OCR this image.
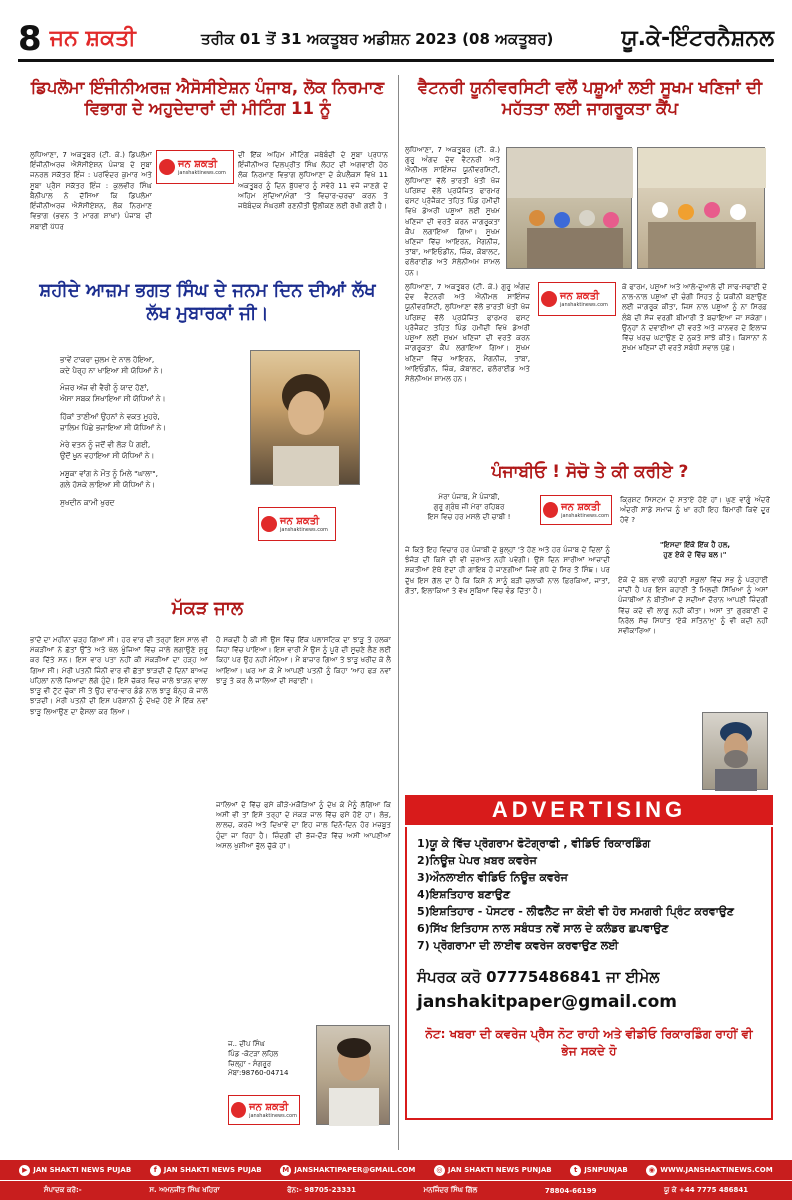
8 ਜਨ ਸ਼ਕਤੀ	ਤਰੀਕ 01 ਤੋਂ 31 ਅਕਤੂਬਰ ਅਡੀਸ਼ਨ 2023 (08 ਅਕਤੂਬਰ)	ਯੂ.ਕੇ-ਇੰਟਰਨੈਸ਼ਨਲ
ਡਿਪਲੋਮਾ ਇੰਜੀਨੀਅਰਜ਼ ਐਸੋਸੀਏਸ਼ਨ ਪੰਜਾਬ, ਲੋਕ ਨਿਰਮਾਣ ਵਿਭਾਗ ਦੇ ਅਹੁਦੇਦਾਰਾਂ ਦੀ ਮੀਟਿੰਗ 11 ਨੂੰ
ਲੁਧਿਆਣਾ, 7 ਅਕਤੂਬਰ (ਟੀ. ਕੇ.) ਡਿਪਲੋਮਾ ਇੰਜੀਨੀਅਰਜ਼ ਐਸੋਸੀਏਸ਼ਨ ਪੰਜਾਬ ਦੇ ਸੂਬਾ ਜਨਰਲ ਸਕੱਤਰ ਇੰਜ : ਪਰਵਿੰਦਰ ਕੁਮਾਰ ਅਤੇ ਸੂਬਾ ਪ੍ਰੈਸ ਸਕੱਤਰ ਇੰਜ : ਕੁਲਵੀਰ ਸਿੰਘ ਬੈਨੀਪਾਲ ਨੇ ਦੱਸਿਆ ਕਿ ਡਿਪਲੋਮਾ ਇੰਜੀਨੀਅਰਜ਼ ਐਸੋਸੀਏਸ਼ਨ, ਲੋਕ ਨਿਰਮਾਣ ਵਿਭਾਗ (ਭਵਨ ਤੇ ਮਾਰਗ ਸ਼ਾਖਾ) ਪੰਜਾਬ ਦੀ ਸੂਬਾਈ ਪੱਧਰ
ਜਨ ਸ਼ਕਤੀ
janshaktinews.com
ਦੀ ਇੱਕ ਅਹਿਮ ਮੀਟਿੰਗ ਜਥੇਬੰਦੀ ਦੇ ਸੂਬਾ ਪ੍ਰਧਾਨ ਇੰਜੀਨੀਅਰ ਦਿਲਪ੍ਰੀਤ ਸਿੰਘ ਲੋਹਟ ਦੀ ਅਗਵਾਈ ਹੇਠ ਲੋਕ ਨਿਰਮਾਣ ਵਿਭਾਗ ਲੁਧਿਆਣਾ ਦੇ ਕੰਪਲੈਕਸ ਵਿਖੇ 11 ਅਕਤੂਬਰ ਨੂੰ ਦਿਨ ਬੁੱਧਵਾਰ ਨੂੰ ਸਵੇਰੇ 11 ਵਜੇ ਜਾਣਗੇ ਦੇ ਅਹਿਮ ਮੁੱਦਿਆਂ/ਮੰਗਾਂ 'ਤੇ ਵਿਚਾਰ-ਚਰਚਾ ਕਰਨ ਤੇ ਜਥੇਬੰਦਕ ਸੰਘਰਸ਼ੀ ਰਣਨੀਤੀ ਉਲੀਕਣ ਲਈ ਰੱਖੀ ਗਈ ਹੈ।
ਸ਼ਹੀਦੇ ਆਜ਼ਮ ਭਗਤ ਸਿੰਘ ਦੇ ਜਨਮ ਦਿਨ ਦੀਆਂ ਲੱਖ ਲੱਖ ਮੁਬਾਰਕਾਂ ਜੀ।

ਭਾਵੇਂ ਟਾਕਰਾ ਜ਼ੁਲਮ ਦੇ ਨਾਲ ਹੋਇਆ,
ਕਦੇ ਪੈਰ੍ਹ ਨਾ ਖਾਇਆ ਸੀ ਯੋਧਿਆਂ ਨੇ।

ਮੰਜਰ ਅੱਜ ਵੀ ਵੈਰੀ ਨੂੰ ਯਾਦ ਹੋਣਾਂ,
ਐਸਾ ਸਬਕ ਸਿਖਾਇਆ ਸੀ ਯੋਧਿਆਂ ਨੇ।

ਹਿੱਕਾਂ ਤਾਣੀਆਂ ਉਹਨਾਂ ਨੇ ਵਕਤ ਮੂਹਰੇ,
ਜ਼ਾਲਿਮ ਪਿੱਛੇ ਭਜਾਇਆ ਸੀ ਯੋਧਿਆਂ ਨੇ।

ਮੇਰੇ ਵਤਨ ਨੂੰ ਜਦੋਂ ਵੀ ਲੋੜ ਪੈ ਗਈ,
ਉਦੋਂ ਖੂਨ ਵਹਾਇਆ ਸੀ ਯੋਧਿਆਂ ਨੇ।

ਮਸ਼ੂਕਾ ਵਾਂਗ ਨੇ ਮੌਤ ਨੂੰ ਮਿਲੇ "ਘਾਲਾ",
ਗਲੇ ਹੱਸਕੇ ਲਾਇਆ ਸੀ ਯੋਧਿਆਂ ਨੇ।

ਸੁਖਦੀਨ ਕਾਮੀ ਖੁਰਦ

ਜਨ ਸ਼ਕਤੀ
janshaktinews.com
ਮੱਕੜ ਜਾਲ
ਭਾਦੋਂ ਦਾ ਮਹੀਨਾ ਚੜ੍ਹ ਗਿਆ ਸੀ। ਹਰ ਵਾਰ ਦੀ ਤਰ੍ਹਾਂ ਇਸ ਸਾਲ ਵੀ ਮੱਕੜੀਆਂ ਨੇ ਛੱਤਾਂ ਉੱਤੇ ਅਤੇ ਖੱਲ ਖੂੰਜਿਆਂ ਵਿੱਚ ਜਾਲੇ ਲਗਾਉਣੇ ਸ਼ੁਰੂ ਕਰ ਦਿੱਤੇ ਸਨ। ਇਸ ਵਾਰ ਪਤਾ ਨਹੀਂ ਕੀ ਮੱਕੜੀਆਂ ਦਾ ਹੜ੍ਹ ਆ ਗਿਆ ਸੀ। ਮੇਰੀ ਪਤਨੀ ਜਿੰਨੀ ਵਾਰ ਵੀ ਛੱਤਾਂ ਝਾੜਦੀ ਦੋ ਦਿਨਾਂ ਬਾਅਦ ਪਹਿਲਾਂ ਨਾਲੋਂ ਜ਼ਿਆਦਾ ਲੱਗੇ ਹੁੰਦੇ। ਇਸੇ ਚੱਕਰ ਵਿਚ ਜਾਲੇ ਝਾੜਨ ਵਾਲਾ ਝਾੜੂ ਵੀ ਟੁੱਟ ਚੁੱਕਾ ਸੀ ਤੇ ਉਹ ਵਾਰ-ਵਾਰ ਡੰਡੇ ਨਾਲ ਝਾੜੂ ਬੰਨ੍ਹ ਕੇ ਜਾਲੇ ਝਾੜਦੀ। ਮੇਰੀ ਪਤਨੀ ਦੀ ਇਸ ਪਰੇਸ਼ਾਨੀ ਨੂੰ ਦੇਖਦੇ ਹੋਏ ਮੈਂ ਇੱਕ ਨਵਾਂ ਝਾੜੂ ਲਿਆਉਣ ਦਾ ਫੈਸਲਾ ਕਰ ਲਿਆ।
ਹੋ ਸਕਦੀ ਹੈ ਕੀ ਸੀ ਉਸ ਵਿੱਚ ਇੱਕ ਪਲਾਸਟਿਕ ਦਾ ਝਾੜੂ ਤੇ ਹਲਕਾ ਜਿਹਾ ਵਿੱਚ ਪਾਇਆ। ਇਸ ਵਾਰੀ ਮੈਂ ਉਸ ਨੂੰ ਪੂਰੇ ਦੀ ਸੂਚਣੇ ਲੈਣ ਲਈ ਕਿਹਾ ਪਰ ਉਹ ਨਹੀਂ ਮੰਨਿਆ। ਮੈਂ ਬਾਜ਼ਾਰ ਗਿਆ ਤੇ ਝਾੜੂ ਖਰੀਦ ਕੇ ਲੈ ਆਇਆ। ਘਰ ਆ ਕੇ ਮੈਂ ਆਪਣੀ ਪਤਨੀ ਨੂੰ ਕਿਹਾ 'ਆਹ ਫੜ ਨਵਾਂ ਝਾੜੂ ਤੇ ਕਰ ਲੈ ਜਾਲਿਆਂ ਦੀ ਸਫਾਈ'।
ਜਾਲਿਆਂ ਦੇ ਵਿੱਚ ਫਸੇ ਕੀੜੇ-ਮਕੌੜਿਆਂ ਨੂੰ ਦੇਖ ਕੇ ਮੈਨੂੰ ਲੱਗਿਆ ਕਿ ਅਸੀਂ ਵੀ ਤਾਂ ਇਸੇ ਤਰ੍ਹਾਂ ਦੇ ਮੱਕੜ ਜਾਲ ਵਿੱਚ ਫਸੇ ਹੋਏ ਹਾਂ। ਲੋਭ, ਲਾਲਚ, ਕਰਜ਼ੇ ਅਤੇ ਦਿਖਾਵੇ ਦਾ ਇਹ ਜਾਲ ਦਿਨੋ-ਦਿਨ ਹੋਰ ਮਜ਼ਬੂਤ ਹੁੰਦਾ ਜਾ ਰਿਹਾ ਹੈ। ਜ਼ਿੰਦਗੀ ਦੀ ਭੱਜ-ਦੌੜ ਵਿੱਚ ਅਸੀਂ ਆਪਣੀਆਂ ਅਸਲ ਖੁਸ਼ੀਆਂ ਭੁੱਲ ਚੁੱਕੇ ਹਾਂ।
ਜ.. ਦੀਪ ਸਿੰਘ
ਪਿੰਡ -ਕੋਟੜਾ ਲਹਿਲ
ਜ਼ਿਲ੍ਹਾ - ਸੰਗਰੂਰ
ਮੋਬਾ:98760-04714
ਜਨ ਸ਼ਕਤੀ
janshaktinews.com
ਵੈਟਨਰੀ ਯੂਨੀਵਰਸਿਟੀ ਵਲੋਂ ਪਸ਼ੂਆਂ ਲਈ ਸੂਖਮ ਖਣਿਜਾਂ ਦੀ ਮਹੱਤਤਾ ਲਈ ਜਾਗਰੂਕਤਾ ਕੈਂਪ
ਲੁਧਿਆਣਾ, 7 ਅਕਤੂਬਰ (ਟੀ. ਕੇ.) ਗੁਰੂ ਅੰਗਦ ਦੇਵ ਵੈਟਨਰੀ ਅਤੇ ਐਨੀਮਲ ਸਾਇੰਸਜ਼ ਯੂਨੀਵਰਸਿਟੀ, ਲੁਧਿਆਣਾ ਵੱਲੋਂ ਭਾਰਤੀ ਖੇਤੀ ਖੋਜ ਪਰਿਸ਼ਦ ਵੱਲੋਂ ਪ੍ਰਯੋਜਿਤ ਫਾਰਮਰ ਫਸਟ ਪ੍ਰੋਜੈਕਟ ਤਹਿਤ ਪਿੰਡ ਹਮੀਦੀ ਵਿਖੇ ਡੇਅਰੀ ਪਸ਼ੂਆਂ ਲਈ ਸੂਖਮ ਖਣਿਜਾਂ ਦੀ ਵਰਤੋਂ ਕਰਨ ਜਾਗਰੂਕਤਾ ਕੈਂਪ ਲਗਾਇਆ ਗਿਆ। ਸੂਖਮ ਖਣਿਜਾਂ ਵਿੱਚ ਆਇਰਨ, ਮੈਂਗਨੀਜ਼, ਤਾਂਬਾ, ਆਇਓਡੀਨ, ਜ਼ਿੰਕ, ਕੋਬਾਲਟ, ਫਲੋਰਾਈਡ ਅਤੇ ਸੇਲੇਨੀਅਮ ਸ਼ਾਮਲ ਹਨ।
ਲੁਧਿਆਣਾ, 7 ਅਕਤੂਬਰ (ਟੀ. ਕੇ.) ਗੁਰੂ ਅੰਗਦ ਦੇਵ ਵੈਟਨਰੀ ਅਤੇ ਐਨੀਮਲ ਸਾਇੰਸਜ਼ ਯੂਨੀਵਰਸਿਟੀ, ਲੁਧਿਆਣਾ ਵੱਲੋਂ ਭਾਰਤੀ ਖੇਤੀ ਖੋਜ ਪਰਿਸ਼ਦ ਵੱਲੋਂ ਪ੍ਰਯੋਜਿਤ ਫਾਰਮਰ ਫਸਟ ਪ੍ਰੋਜੈਕਟ ਤਹਿਤ ਪਿੰਡ ਹਮੀਦੀ ਵਿਖੇ ਡੇਅਰੀ ਪਸ਼ੂਆਂ ਲਈ ਸੂਖਮ ਖਣਿਜਾਂ ਦੀ ਵਰਤੋਂ ਕਰਨ ਜਾਗਰੂਕਤਾ ਕੈਂਪ ਲਗਾਇਆ ਗਿਆ। ਸੂਖਮ ਖਣਿਜਾਂ ਵਿੱਚ ਆਇਰਨ, ਮੈਂਗਨੀਜ਼, ਤਾਂਬਾ, ਆਇਓਡੀਨ, ਜ਼ਿੰਕ, ਕੋਬਾਲਟ, ਫਲੋਰਾਈਡ ਅਤੇ ਸੇਲੇਨੀਅਮ ਸ਼ਾਮਲ ਹਨ।
ਜਨ ਸ਼ਕਤੀ
janshaktinews.com
ਕੇ ਫਾਰਮ, ਪਸ਼ੂਆਂ ਅਤੇ ਆਲੇ-ਦੁਆਲੇ ਦੀ ਸਾਫ-ਸਫਾਈ ਦੇ ਨਾਲ-ਨਾਲ ਪਸ਼ੂਆਂ ਦੀ ਚੰਗੀ ਸਿਹਤ ਨੂੰ ਯਕੀਨੀ ਬਣਾਉਣ ਲਈ ਜਾਗਰੂਕ ਕੀਤਾ, ਜਿਸ ਨਾਲ ਪਸ਼ੂਆਂ ਨੂੰ ਨਾ ਸਿਰਫ਼ ਲੰਬੇ ਦੀ ਸੋਜ ਵਰਗੀ ਬੀਮਾਰੀ ਤੋਂ ਬਚਾਇਆ ਜਾ ਸਕੇਗਾ। ਉਨ੍ਹਾਂ ਨੇ ਦਵਾਈਆਂ ਦੀ ਵਰਤੋਂ ਅਤੇ ਜਾਨਵਰ ਦੇ ਇਲਾਜ ਵਿੱਚ ਖਰਚ ਘਟਾਉਣ ਦੇ ਨੁਕਤੇ ਸਾਂਝੇ ਕੀਤੇ। ਕਿਸਾਨਾਂ ਨੇ ਸੂਖਮ ਖਣਿਜਾਂ ਦੀ ਵਰਤੋਂ ਸਬੰਧੀ ਸਵਾਲ ਪੁੱਛੇ।
ਪੰਜਾਬੀਓ ! ਸੋਚੋ ਤੇ ਕੀ ਕਰੀਏ ?
ਮੇਰਾ ਪੰਜਾਬ, ਮੈਂ ਪੰਜਾਬੀ,
ਗੁਰੂ ਗ੍ਰੰਥ ਜੀ ਮੇਰਾ ਰਹਿਬਰ
ਇਸ ਵਿਚ ਹਰ ਮਸਲੇ ਦੀ ਚਾਬੀ !
ਜਨ ਸ਼ਕਤੀ
janshaktinews.com
ਕ੍ਰਿਸ਼ਟ ਸਿਸਟਮ ਦੇ ਸਤਾਏ ਹੋਏ ਹਾਂ। ਘੁਣ ਵਾਂਗੂੰ ਅੰਦਰੋਂ ਅੰਦਰੀਂ ਸਾਡੇ ਸਮਾਜ ਨੂੰ ਖਾ ਰਹੀ ਇਹ ਬਿਮਾਰੀ ਕਿਵੇਂ ਦੂਰ ਹੋਵੇ ?
"ਇਸਦਾ ਇੱਕੋ ਇੱਕ ਹੈ ਹਲ,
ਹੁਣ ਏਕੇ ਦੇ ਵਿੱਚ ਬਲ।"
ਜੇ ਕਿਤੇ ਇਹ ਵਿਚਾਰ ਹਰ ਪੰਜਾਬੀ ਦੇ ਬੁਲ੍ਹਾਂ 'ਤੇ ਹੋਣ ਅਤੇ ਹਰ ਪੰਜਾਬ ਦੇ ਦਿਲਾਂ ਨੂੰ ਝੰਜੋੜ ਦੀ ਕਿਸੇ ਦੀ ਵੀ ਜੁਰਅਤ ਨਹੀਂ ਪਵੇਗੀ। ਉਸੇ ਦਿਨ ਸਾਰੀਆਂ ਆਜ਼ਾਦੀ ਸ਼ਕਤੀਆਂ ਏਥੇ ਏਦਾਂ ਹੀ ਗਾਇਬ ਹੋ ਜਾਣਗੀਆਂ ਜਿਵੇਂ ਗਧੇ ਦੇ ਸਿਰ ਤੋਂ ਸਿੰਙ। ਪਰ ਦੁੱਖ ਇਸ ਗੱਲ ਦਾ ਹੈ ਕਿ ਕਿਸੇ ਨੇ ਸਾਨੂੰ ਬੜੀ ਚਲਾਕੀ ਨਾਲ ਫ਼ਿਰਕਿਆਂ, ਜਾਤਾਂ, ਗੋਤਾਂ, ਇਲਾਕਿਆਂ ਤੇ ਵੱਖ ਸੂਬਿਆਂ ਵਿੱਚ ਵੰਡ ਦਿੱਤਾ ਹੈ।
ਏਕੇ ਦੇ ਬਲ ਵਾਲੀ ਕਹਾਣੀ ਸਕੂਲਾਂ ਵਿੱਚ ਸਭ ਨੂੰ ਪੜ੍ਹਾਈ ਜਾਂਦੀ ਹੈ ਪਰ ਇਸ ਕਹਾਣੀ ਤੋਂ ਮਿਲਦੀ ਸਿੱਖਿਆ ਨੂੰ ਅਸਾਂ ਪੰਜਾਬੀਆਂ ਨੇ ਬੀਤੀਆਂ ਦੋ ਸਦੀਆਂ ਦੌਰਾਨ ਆਪਣੀ ਜ਼ਿੰਦਗੀ ਵਿੱਚ ਕਦੇ ਵੀ ਲਾਗੂ ਨਹੀਂ ਕੀਤਾ। ਅਸਾਂ ਤਾਂ ਗੁਰਬਾਣੀ ਦੇ ਨਿਰੋਲ ਸੱਚ ਸਿਧਾਂਤ 'ਏਕੋ ਸਤਿਨਾਮੁ' ਨੂੰ ਵੀ ਕਦੀ ਨਹੀਂ ਸਵੀਕਾਰਿਆ।
ADVERTISING
1)ਯੂ ਕੇ ਵਿੱਚ ਪ੍ਰੋਗਰਾਮ ਫੋਟੋਗ੍ਰਾਫੀ , ਵੀਡਿਓ ਰਿਕਾਰਡਿੰਗ
2)ਨਿਊਜ਼ ਪੇਪਰ ਖ਼ਬਰ ਕਵਰੇਜ
3)ਔਨਲਾਈਨ ਵੀਡਿਓ ਨਿਊਜ਼ ਕਵਰੇਜ
4)ਇਸ਼ਤਿਹਾਰ ਬਣਾਉਣ
5)ਇਸ਼ਤਿਹਾਰ - ਪੋਸਟਰ - ਲੀਫਲੈਟ ਜਾ ਕੋਈ ਵੀ ਹੋਰ ਸਮਗਰੀ ਪ੍ਰਿੰਟ ਕਰਵਾਉਣ
6)ਸਿੱਖ ਇਤਿਹਾਸ ਨਾਲ ਸਬੰਧਤ ਨਵੇਂ ਸਾਲ ਦੇ ਕਲੰਡਰ ਛਪਵਾਉਣ
7) ਪ੍ਰੋਗਰਾਮਾ ਦੀ ਲਾਈਵ ਕਵਰੇਜ ਕਰਵਾਉਣ ਲਈ
ਸੰਪਰਕ ਕਰੋ 07775486841 ਜਾ ਈਮੇਲ
janshakitpaper@gmail.com
ਨੋਟ: ਖਬਰਾ ਦੀ ਕਵਰੇਜ ਪ੍ਰੈਸ ਨੋਟ ਰਾਹੀ ਅਤੇ ਵੀਡੀਓ ਰਿਕਾਰਡਿੰਗ ਰਾਹੀਂ ਵੀ ਭੇਜ ਸਕਦੇ ਹੋ
▶ JAN SHAKTI NEWS PUJAB	f JAN SHAKTI NEWS PUJAB	M JANSHAKTIPAPER@GMAIL.COM	◎ JAN SHAKTI NEWS PUNJAB	t JSNPUNJAB	◉ WWW.JANSHAKTINEWS.COM
ਸੰਪਾਦਕ ਕਰੋ:-	ਸ. ਅਮਨਜੀਤ ਸਿੰਘ ਖਹਿਰਾ	ਫੋਨ:- 98705-23331	ਮਨਜਿੰਦਰ ਸਿੰਘ ਗਿੱਲ	78804-66199	ਯੂ ਕੇ +44 7775 486841
